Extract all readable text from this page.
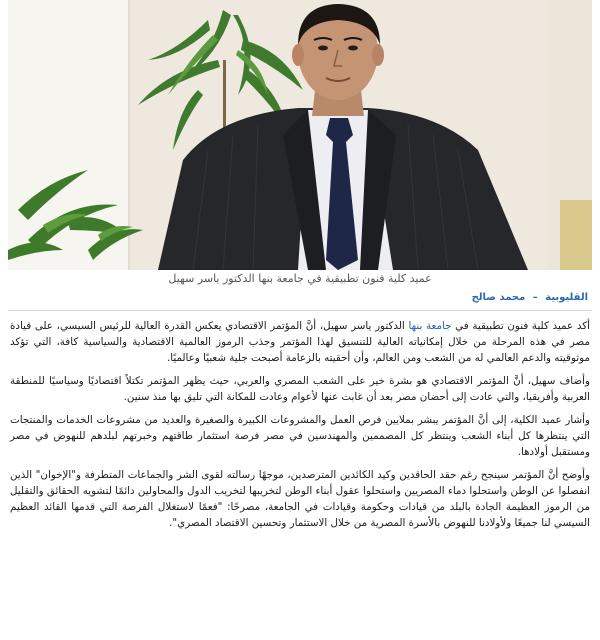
عميد كلية فنون تطبيقية في جامعة بنها الدكتور ياسر سهيل
القليوبية – محمد صالح

أكد عميد كلية فنون تطبيقية في جامعة بنها الدكتور ياسر سهيل، أنَّ المؤتمر الاقتصادي يعكس القدرة العالية للرئيس السيسي، على قيادة مصر في هذه المرحلة من خلال إمكانياته العالية للتنسيق لهذا المؤتمر وجذب الرموز العالمية الاقتصادية والسياسية كافة، التي تؤكد موثوقيته والدعم العالمي له من الشعب ومن العالم، وأن أحقيته بالزعامة أصبحت جلية شعبيًا وعالميًا.

وأضاف سهيل، أنَّ المؤتمر الاقتصادي هو بشرة خير على الشعب المصري والعربي، حيث يظهر المؤتمر تكتلاً اقتصاديًا وسياسيًا للمنطقة العربية وأفريقيا، والتي عادت إلى أحضان مصر بعد أن غابت عنها لأعوام وعادت للمكانة التي تليق بها منذ سنين.

وأشار عميد الكلية، إلى أنَّ المؤتمر يبشر بملايين فرص العمل والمشروعات الكبيرة والصغيرة والعديد من مشروعات الخدمات والمنتجات التي ينتظرها كل أبناء الشعب وينتظر كل المصممين والمهندسين في مصر فرصة استثمار طاقتهم وخبرتهم لبلدهم للنهوض في مصر ومستقبل أولادها.

وأوضح أنَّ المؤتمر سينجح رغم حقد الحاقدين وكيد الكائدين المترصدين، موجهًا رسالته لقوى الشر والجماعات المتطرفة و"الإخوان" الذين انفصلوا عن الوطن واستحلوا دماء المصريين واستحلوا عقول أبناء الوطن لتخريبها لتخريب الدول والمحاولين دائمًا لتشويه الحقائق والتقليل من الرموز العظيمة الجادة بالبلد من قيادات وحكومة وقيادات في الجامعة، مصرحًا: "فعمًا لاستغلال الفرصة التي قدمها القائد العظيم السيسي لنا جميعًا ولأولادنا للنهوض بالأسرة المصرية من خلال الاستثمار وتحسين الاقتصاد المصري".
